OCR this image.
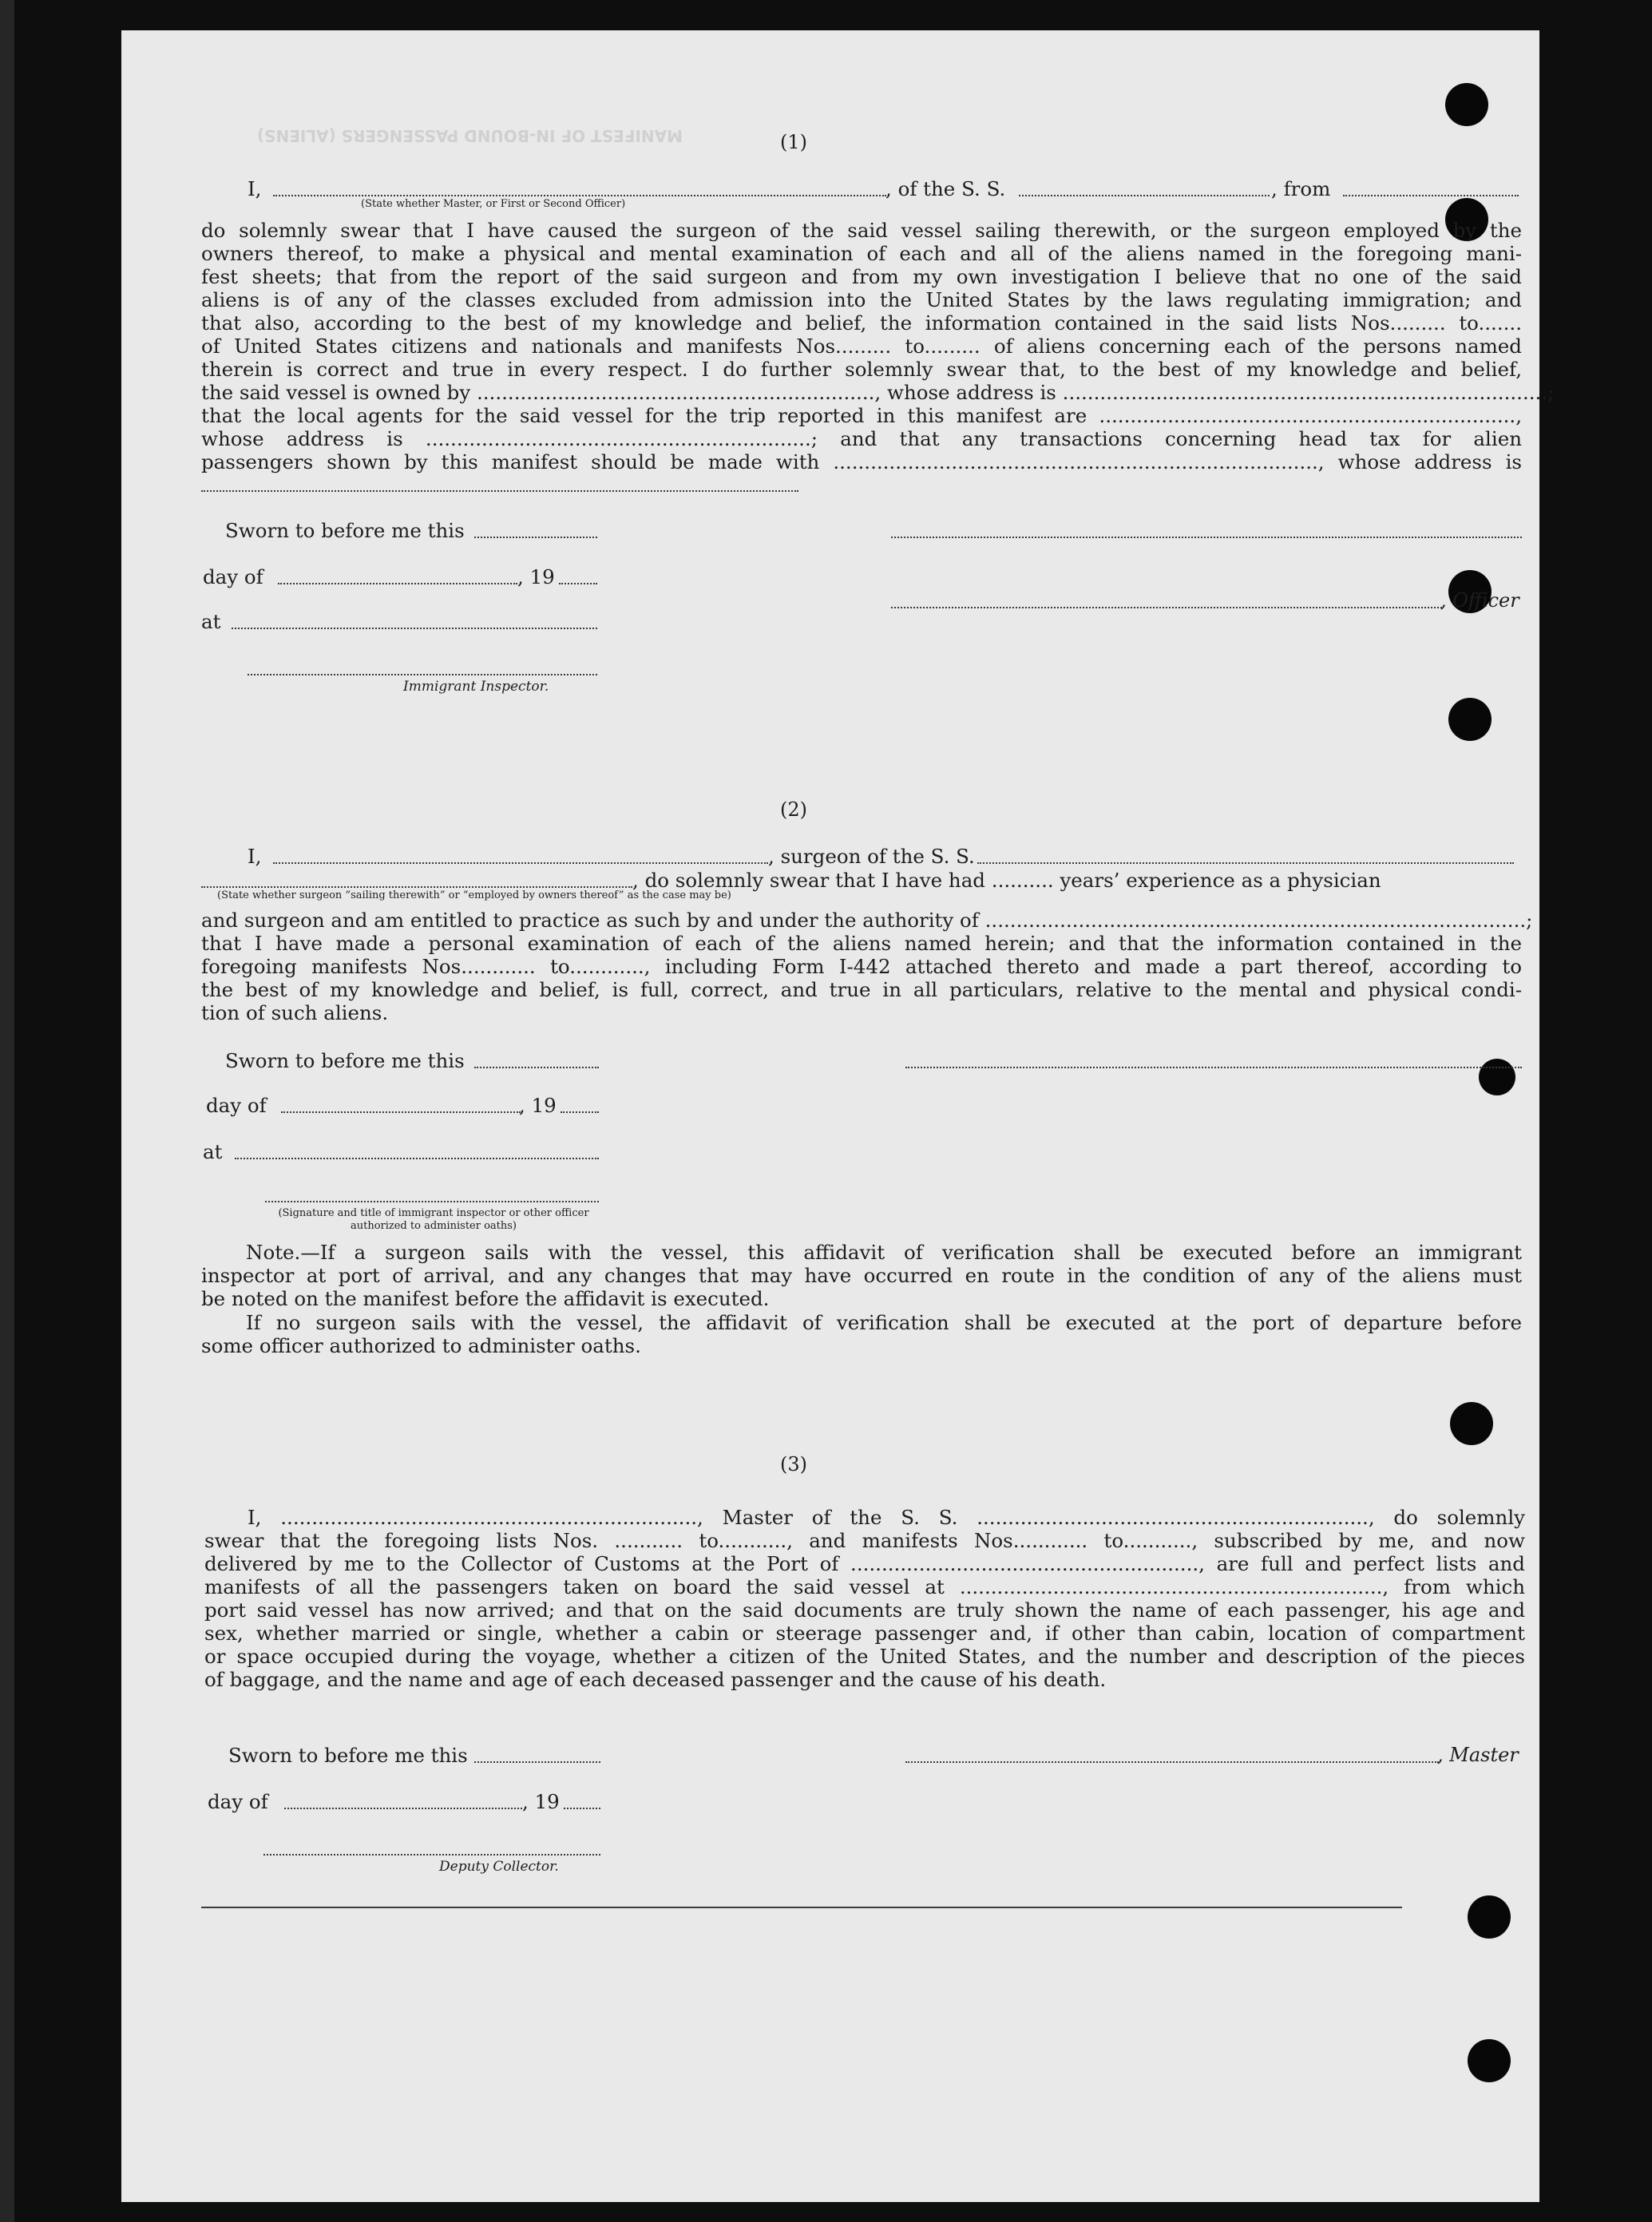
MANIFEST OF IN-BOUND PASSENGERS (ALIENS)	(1)
I,	, of the S. S.	, from
(State whether Master, or First or Second Officer)
do solemnly swear that I have caused the surgeon of the said vessel sailing therewith, or the surgeon employed by the
owners thereof, to make a physical and mental examination of each and all of the aliens named in the foregoing mani-
fest sheets; that from the report of the said surgeon and from my own investigation I believe that no one of the said
aliens is of any of the classes excluded from admission into the United States by the laws regulating immigration; and
that also, according to the best of my knowledge and belief, the information contained in the said lists Nos......... to.......
of United States citizens and nationals and manifests Nos......... to......... of aliens concerning each of the persons named
therein is correct and true in every respect. I do further solemnly swear that, to the best of my knowledge and belief,
the said vessel is owned by ................................................................, whose address is ..............................................................................;
that the local agents for the said vessel for the trip reported in this manifest are ...................................................................,
whose address is ..............................................................; and that any transactions concerning head tax for alien
passengers shown by this manifest should be made with .............................................................................., whose address is
Sworn to before me this
day of	, 19
, Officer
at
Immigrant Inspector.
(2)
I,	, surgeon of the S. S.
, do solemnly swear that I have had .......... years’ experience as a physician
(State whether surgeon “sailing therewith” or “employed by owners thereof” as the case may be)
and surgeon and am entitled to practice as such by and under the authority of .......................................................................................;
that I have made a personal examination of each of the aliens named herein; and that the information contained in the
foregoing manifests Nos............ to............, including Form I-442 attached thereto and made a part thereof, according to
the best of my knowledge and belief, is full, correct, and true in all particulars, relative to the mental and physical condi-
tion of such aliens.
Sworn to before me this
day of	, 19
at
(Signature and title of immigrant inspector or other officer authorized to administer oaths)
Note.—If a surgeon sails with the vessel, this affidavit of verification shall be executed before an immigrant
inspector at port of arrival, and any changes that may have occurred en route in the condition of any of the aliens must
be noted on the manifest before the affidavit is executed.
If no surgeon sails with the vessel, the affidavit of verification shall be executed at the port of departure before
some officer authorized to administer oaths.
(3)
I, ..................................................................., Master of the S. S. ..............................................................., do solemnly
swear that the foregoing lists Nos. ........... to..........., and manifests Nos............ to..........., subscribed by me, and now
delivered by me to the Collector of Customs at the Port of ........................................................, are full and perfect lists and
manifests of all the passengers taken on board the said vessel at ...................................................................., from which
port said vessel has now arrived; and that on the said documents are truly shown the name of each passenger, his age and
sex, whether married or single, whether a cabin or steerage passenger and, if other than cabin, location of compartment
or space occupied during the voyage, whether a citizen of the United States, and the number and description of the pieces
of baggage, and the name and age of each deceased passenger and the cause of his death.
Sworn to before me this	, Master
day of	, 19
Deputy Collector.
